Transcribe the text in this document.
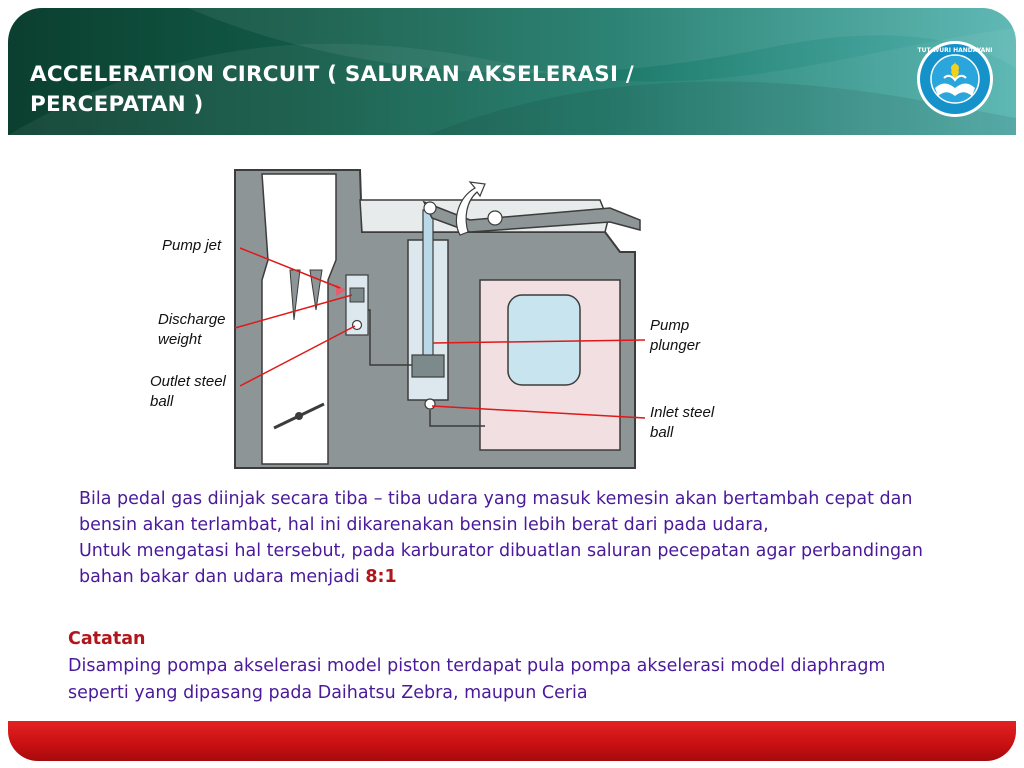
ACCELERATION CIRCUIT ( SALURAN AKSELERASI / PERCEPATAN )
TUT WURI HANDAYANI
Pump jet
Discharge
weight
Outlet steel
ball
Pump
plunger
Inlet steel
ball

Bila pedal gas diinjak secara tiba – tiba udara yang masuk kemesin akan bertambah cepat dan bensin akan terlambat, hal ini dikarenakan bensin lebih berat dari pada udara,

Untuk mengatasi hal tersebut, pada karburator dibuatlan saluran pecepatan agar perbandingan bahan bakar dan udara menjadi 8:1

Catatan
Disamping pompa akselerasi model piston terdapat pula pompa akselerasi model diaphragm seperti yang dipasang pada Daihatsu Zebra, maupun Ceria
